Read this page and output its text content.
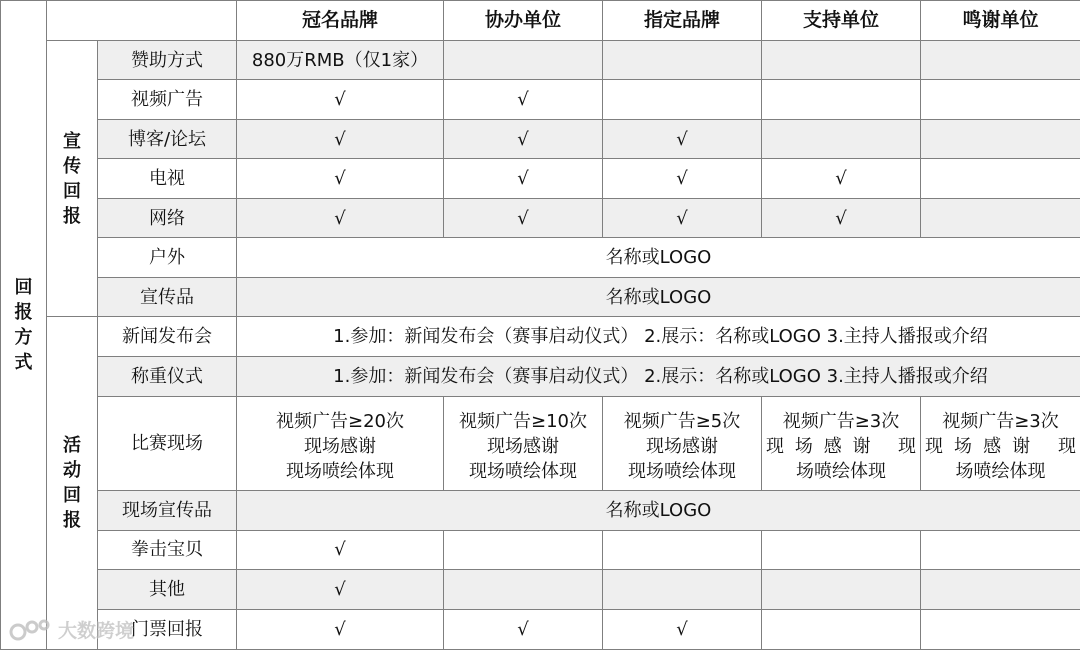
回
报
方
式			冠名品牌	协办单位	指定品牌	支持单位	鸣谢单位

	宣
传
回
报	赞助方式	880万RMB（仅1家）				
		视频广告	√	√			
		博客/论坛	√	√	√		
		电视	√	√	√	√	
		网络	√	√	√	√	
		户外	名称或LOGO				
		宣传品	名称或LOGO				

	活
动
回
报	新闻发布会	1.参加：新闻发布会（赛事启动仪式） 2.展示：名称或LOGO 3.主持人播报或介绍				
		称重仪式	1.参加：新闻发布会（赛事启动仪式） 2.展示：名称或LOGO 3.主持人播报或介绍				
		比赛现场	视频广告≥20次
现场感谢
现场喷绘体现	视频广告≥10次
现场感谢
现场喷绘体现	视频广告≥5次
现场感谢
现场喷绘体现	视频广告≥3次
现场感谢 现
场喷绘体现	视频广告≥3次
现场感谢 现
场喷绘体现

		现场宣传品	名称或LOGO				
		拳击宝贝	√				
		其他	√				
		门票回报	√	√	√		
大数跨境
